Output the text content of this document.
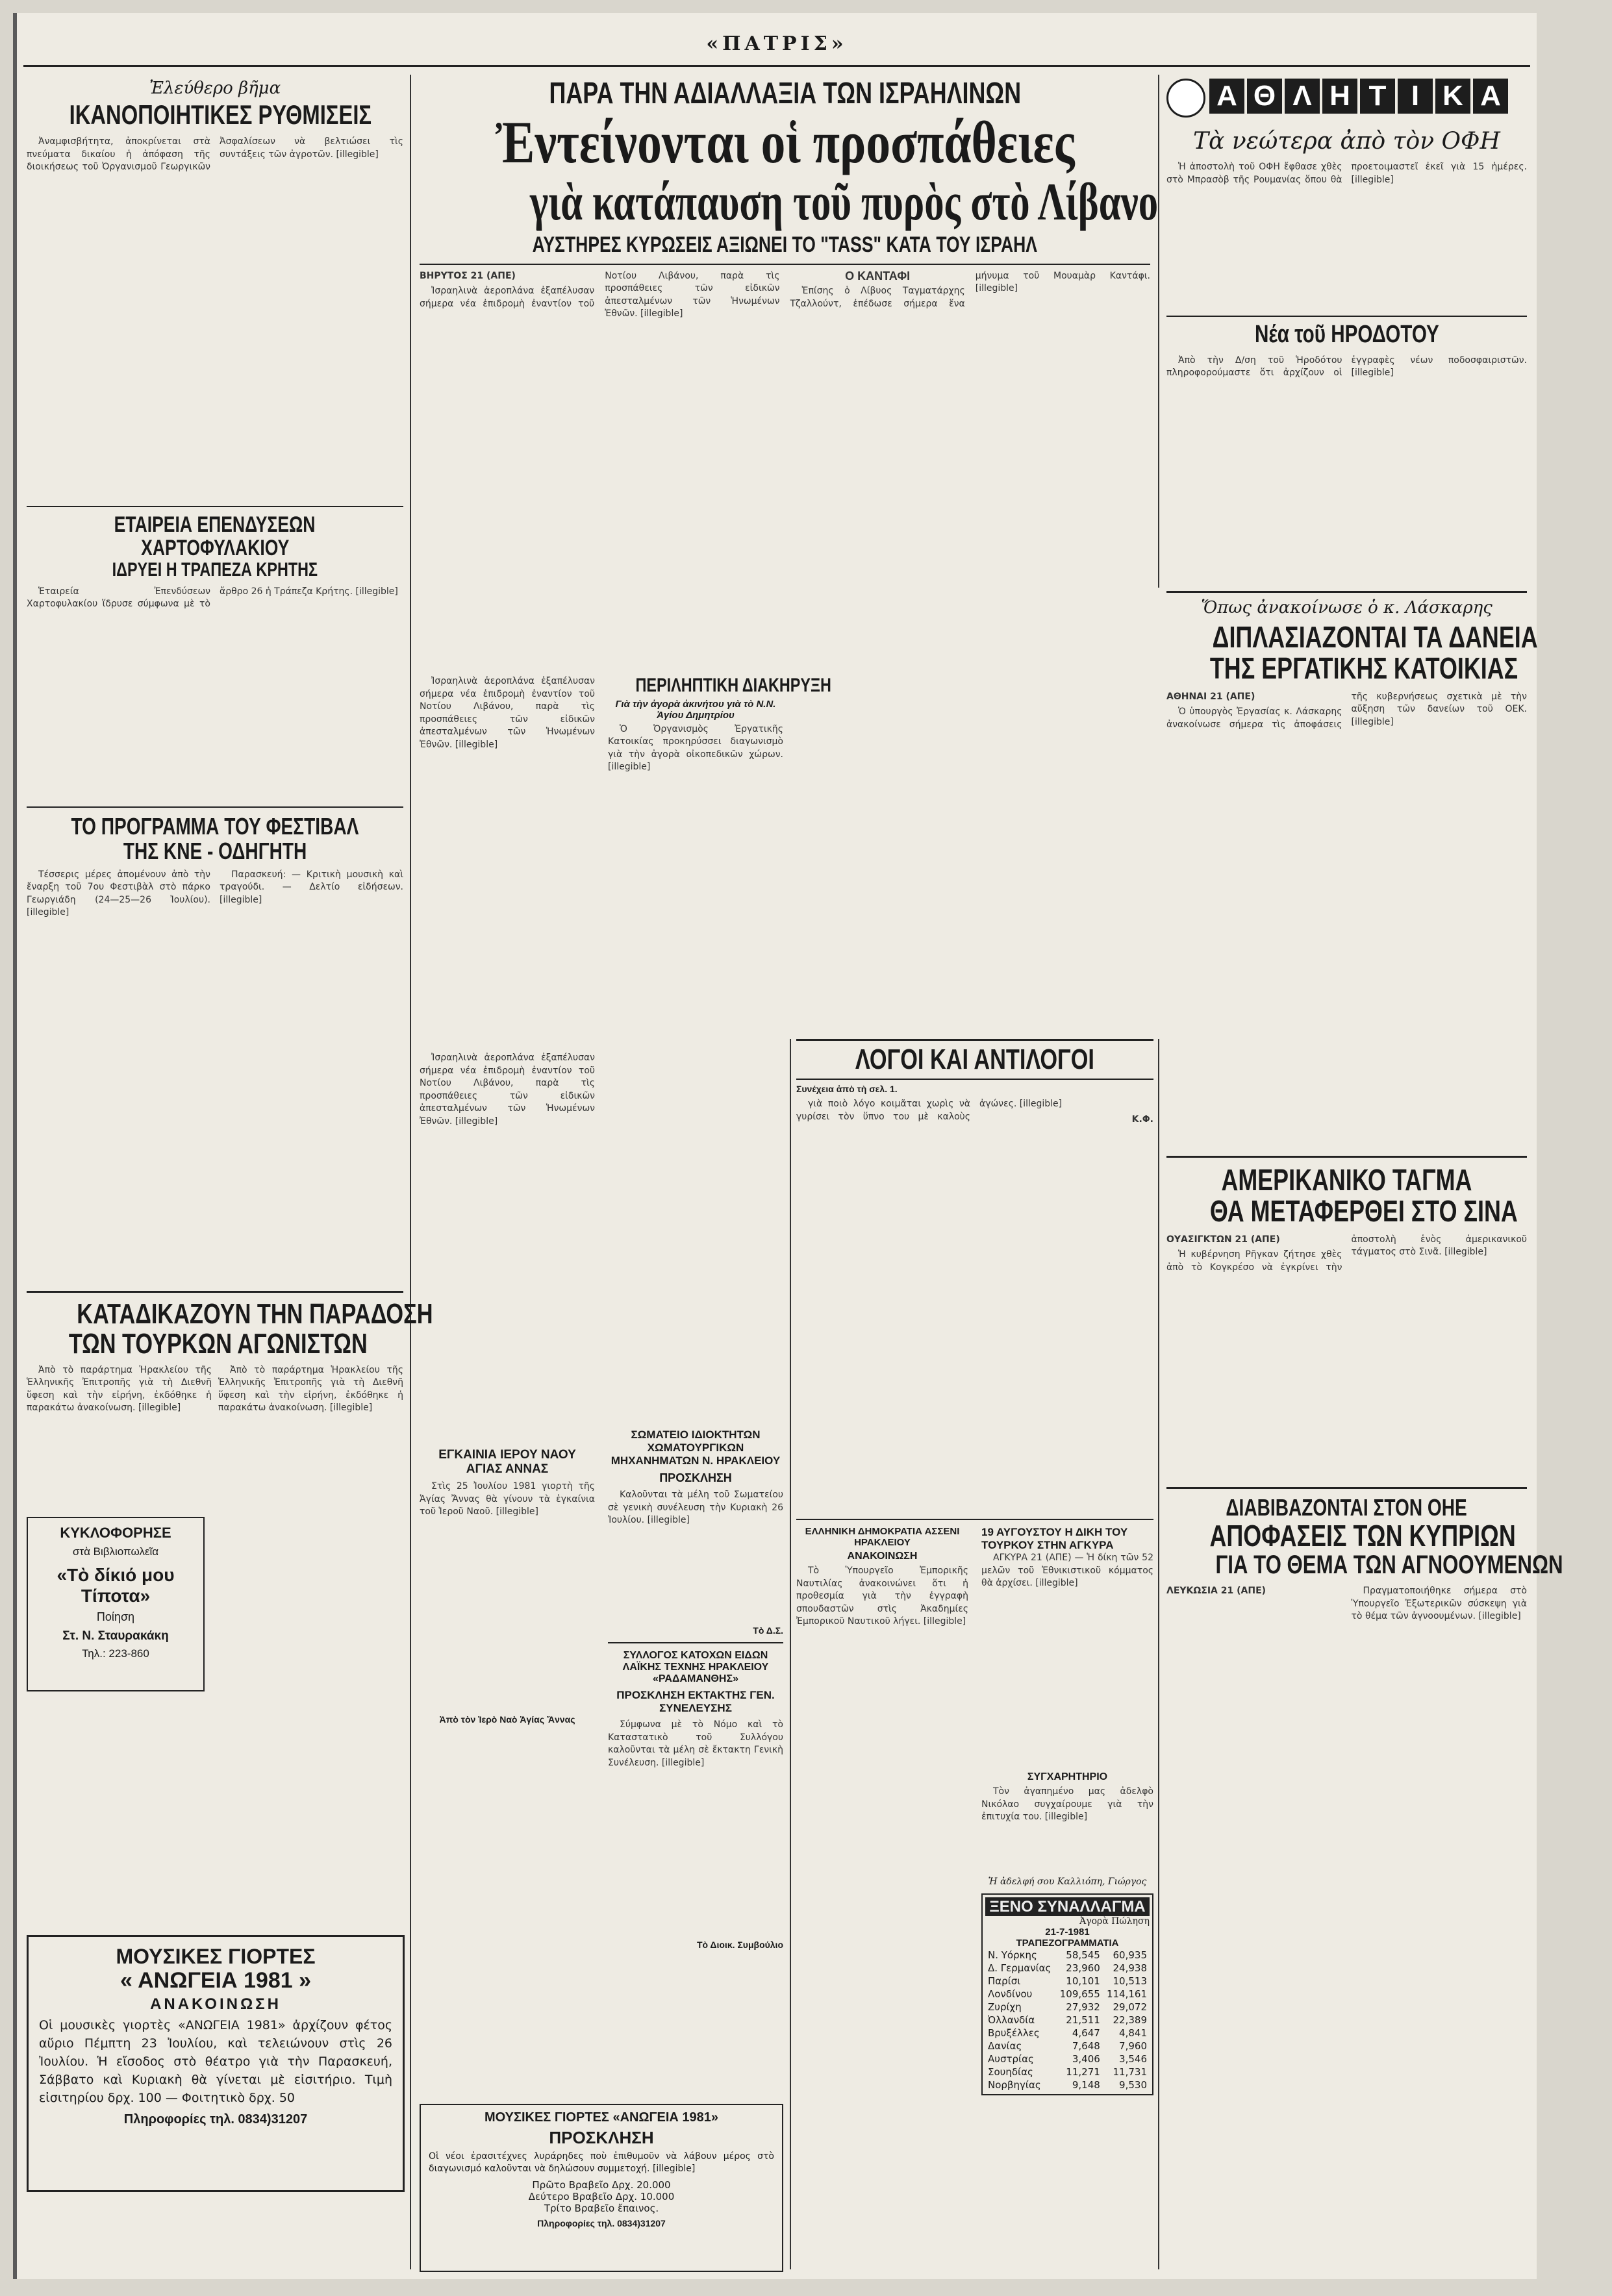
«ΠΑΤΡΙΣ»
Ἐλεύθερο βῆμα
ΙΚΑΝΟΠΟΙΗΤΙΚΕΣ ΡΥΘΜΙΣΕΙΣ

Ἀναμφισβήτητα, ἀποκρίνεται στὰ πνεύματα δικαίου ἡ ἀπόφαση τῆς διοικήσεως τοῦ Ὀργανισμοῦ Γεωργικῶν Ἀσφαλίσεων νὰ βελτιώσει τὶς συντάξεις τῶν ἀγροτῶν. [illegible]

ΕΤΑΙΡΕΙΑ ΕΠΕΝΔΥΣΕΩΝ
ΧΑΡΤΟΦΥΛΑΚΙΟΥ
ΙΔΡΥΕΙ Η ΤΡΑΠΕΖΑ ΚΡΗΤΗΣ

Ἑταιρεία Ἐπενδύσεων Χαρτοφυλακίου ἵδρυσε σύμφωνα μὲ τὸ ἄρθρο 26 ἡ Τράπεζα Κρήτης. [illegible]

ΤΟ ΠΡΟΓΡΑΜΜΑ ΤΟΥ ΦΕΣΤΙΒΑΛ
ΤΗΣ ΚΝΕ - ΟΔΗΓΗΤΗ

Τέσσερις μέρες ἀπομένουν ἀπὸ τὴν ἔναρξη τοῦ 7ου Φεστιβὰλ στὸ πάρκο Γεωργιάδη (24—25—26 Ἰουλίου). [illegible]

Παρασκευή: — Κριτικὴ μουσικὴ καὶ τραγούδι. — Δελτίο εἰδήσεων. [illegible]

ΚΑΤΑΔΙΚΑΖΟΥΝ ΤΗΝ ΠΑΡΑΔΟΣΗ
ΤΩΝ ΤΟΥΡΚΩΝ ΑΓΩΝΙΣΤΩΝ

Ἀπὸ τὸ παράρτημα Ἡρακλείου τῆς Ἑλληνικῆς Ἐπιτροπῆς γιὰ τὴ Διεθνῆ ὕφεση καὶ τὴν εἰρήνη, ἐκδόθηκε ἡ παρακάτω ἀνακοίνωση. [illegible]

ΚΥΚΛΟΦΟΡΗΣΕ
στὰ Βιβλιοπωλεῖα
«Τὸ δίκιό μου Τίποτα»
Ποίηση
Στ. Ν. Σταυρακάκη
Τηλ.: 223-860

Ἀπὸ τὸ παράρτημα Ἡρακλείου τῆς Ἑλληνικῆς Ἐπιτροπῆς γιὰ τὴ Διεθνῆ ὕφεση καὶ τὴν εἰρήνη, ἐκδόθηκε ἡ παρακάτω ἀνακοίνωση. [illegible]

ΜΟΥΣΙΚΕΣ ΓΙΟΡΤΕΣ
« ΑΝΩΓΕΙΑ 1981 »
ΑΝΑΚΟΙΝΩΣΗ
Οἱ μουσικὲς γιορτὲς «ΑΝΩΓΕΙΑ 1981» ἀρχίζουν φέτος αὔριο Πέμπτη 23 Ἰουλίου, καὶ τελειώνουν στὶς 26 Ἰουλίου. Ἡ εἴσοδος στὸ θέατρο γιὰ τὴν Παρασκευή, Σάββατο καὶ Κυριακὴ θὰ γίνεται μὲ εἰσιτήριο. Τιμὴ εἰσιτηρίου δρχ. 100 — Φοιτητικὸ δρχ. 50
Πληροφορίες τηλ. 0834)31207
ΠΑΡΑ ΤΗΝ ΑΔΙΑΛΛΑΞΙΑ ΤΩΝ ΙΣΡΑΗΛΙΝΩΝ
Ἐντείνονται οἱ προσπάθειες
γιὰ κατάπαυση τοῦ πυρὸς στὸ Λίβανο
ΑΥΣΤΗΡΕΣ ΚΥΡΩΣΕΙΣ ΑΞΙΩΝΕΙ ΤΟ "TASS" ΚΑΤΑ ΤΟΥ ΙΣΡΑΗΛ

ΒΗΡΥΤΟΣ 21 (ΑΠΕ)

Ἰσραηλινὰ ἀεροπλάνα ἐξαπέλυσαν σήμερα νέα ἐπιδρομὴ ἐναντίον τοῦ Νοτίου Λιβάνου, παρὰ τὶς προσπάθειες τῶν εἰδικῶν ἀπεσταλμένων τῶν Ἡνωμένων Ἐθνῶν. [illegible]

Ο ΚΑΝΤΑΦΙ

Ἐπίσης ὁ Λίβυος Ταγματάρχης Τζαλλούντ, ἐπέδωσε σήμερα ἕνα μήνυμα τοῦ Μουαμὰρ Καντάφι. [illegible]

Ἰσραηλινὰ ἀεροπλάνα ἐξαπέλυσαν σήμερα νέα ἐπιδρομὴ ἐναντίον τοῦ Νοτίου Λιβάνου, παρὰ τὶς προσπάθειες τῶν εἰδικῶν ἀπεσταλμένων τῶν Ἡνωμένων Ἐθνῶν. [illegible]

ΠΕΡΙΛΗΠΤΙΚΗ ΔΙΑΚΗΡΥΞΗ
Γιὰ τὴν ἀγορὰ ἀκινήτου γιὰ τὸ Ν.Ν. Ἀγίου Δημητρίου

Ὁ Ὀργανισμὸς Ἐργατικῆς Κατοικίας προκηρύσσει διαγωνισμὸ γιὰ τὴν ἀγορὰ οἰκοπεδικῶν χώρων. [illegible]

Ἰσραηλινὰ ἀεροπλάνα ἐξαπέλυσαν σήμερα νέα ἐπιδρομὴ ἐναντίον τοῦ Νοτίου Λιβάνου, παρὰ τὶς προσπάθειες τῶν εἰδικῶν ἀπεσταλμένων τῶν Ἡνωμένων Ἐθνῶν. [illegible]

ΕΓΚΑΙΝΙΑ ΙΕΡΟΥ ΝΑΟΥ ΑΓΙΑΣ ΑΝΝΑΣ

Στὶς 25 Ἰουλίου 1981 γιορτὴ τῆς Ἁγίας Ἄννας θὰ γίνουν τὰ ἐγκαίνια τοῦ Ἱεροῦ Ναοῦ. [illegible]

Ἀπὸ τὸν Ἱερὸ Ναὸ Ἁγίας Ἄννας
ΣΩΜΑΤΕΙΟ ΙΔΙΟΚΤΗΤΩΝ ΧΩΜΑΤΟΥΡΓΙΚΩΝ ΜΗΧΑΝΗΜΑΤΩΝ Ν. ΗΡΑΚΛΕΙΟΥ
ΠΡΟΣΚΛΗΣΗ

Καλοῦνται τὰ μέλη τοῦ Σωματείου σὲ γενικὴ συνέλευση τὴν Κυριακὴ 26 Ἰουλίου. [illegible]

Τὸ Δ.Σ.
ΣΥΛΛΟΓΟΣ ΚΑΤΟΧΩΝ ΕΙΔΩΝ ΛΑΪΚΗΣ ΤΕΧΝΗΣ ΗΡΑΚΛΕΙΟΥ «ΡΑΔΑΜΑΝΘΗΣ»
ΠΡΟΣΚΛΗΣΗ ΕΚΤΑΚΤΗΣ ΓΕΝ. ΣΥΝΕΛΕΥΣΗΣ

Σύμφωνα μὲ τὸ Νόμο καὶ τὸ Καταστατικὸ τοῦ Συλλόγου καλοῦνται τὰ μέλη σὲ ἔκτακτη Γενικὴ Συνέλευση. [illegible]

Τὸ Διοικ. Συμβούλιο
ΜΟΥΣΙΚΕΣ ΓΙΟΡΤΕΣ «ΑΝΩΓΕΙΑ 1981»
ΠΡΟΣΚΛΗΣΗ
Οἱ νέοι ἐρασιτέχνες λυράρηδες ποὺ ἐπιθυμοῦν νὰ λάβουν μέρος στὸ διαγωνισμό καλοῦνται νὰ δηλώσουν συμμετοχή. [illegible]
Πρῶτο Βραβεῖο Δρχ. 20.000
Δεύτερο Βραβεῖο Δρχ. 10.000
Τρίτο Βραβεῖο ἔπαινος.
Πληροφορίες τηλ. 0834)31207
ΛΟΓΟΙ ΚΑΙ ΑΝΤΙΛΟΓΟΙ
Συνέχεια ἀπὸ τὴ σελ. 1.

γιὰ ποιὸ λόγο κοιμᾶται χωρὶς νὰ γυρίσει τὸν ὕπνο του μὲ καλοὺς ἀγώνες. [illegible]

Κ.Φ.

ΕΛΛΗΝΙΚΗ ΔΗΜΟΚΡΑΤΙΑ ΑΣΣΕΝΙ ΗΡΑΚΛΕΙΟΥ
ΑΝΑΚΟΙΝΩΣΗ

Τὸ Ὑπουργεῖο Ἐμπορικῆς Ναυτιλίας ἀνακοινώνει ὅτι ἡ προθεσμία γιὰ τὴν ἐγγραφὴ σπουδαστῶν στὶς Ἀκαδημίες Ἐμπορικοῦ Ναυτικοῦ λήγει. [illegible]

19 ΑΥΓΟΥΣΤΟΥ Η ΔΙΚΗ ΤΟΥ ΤΟΥΡΚΟΥ ΣΤΗΝ ΑΓΚΥΡΑ

ΑΓΚΥΡΑ 21 (ΑΠΕ) — Ἡ δίκη τῶν 52 μελῶν τοῦ Ἐθνικιστικοῦ κόμματος θὰ ἀρχίσει. [illegible]

ΣΥΓΧΑΡΗΤΗΡΙΟ

Τὸν ἀγαπημένο μας ἀδελφὸ Νικόλαο συγχαίρουμε γιὰ τὴν ἐπιτυχία του. [illegible]

Ἡ ἀδελφή σου Καλλιόπη, Γιώργος
ΞΕΝΟ ΣΥΝΑΛΛΑΓΜΑ
Ἀγορὰ Πώληση
21-7-1981
ΤΡΑΠΕΖΟΓΡΑΜΜΑΤΙΑ
Ν. Υόρκης	58,545	60,935
Δ. Γερμανίας	23,960	24,938
Παρίσι	10,101	10,513
Λονδίνου	109,655	114,161
Ζυρίχη	27,932	29,072
Ὀλλανδία	21,511	22,389
Βρυξέλλες	4,647	4,841
Δανίας	7,648	7,960
Αυστρίας	3,406	3,546
Σουηδίας	11,271	11,731
Νορβηγίας	9,148	9,530
Α Θ Λ Η Τ Ι Κ Α
Τὰ νεώτερα ἀπὸ τὸν ΟΦΗ

Ἡ ἀποστολὴ τοῦ ΟΦΗ ἔφθασε χθὲς στὸ Μπρασὸβ τῆς Ρουμανίας ὅπου θὰ προετοιμαστεῖ ἐκεῖ γιὰ 15 ἡμέρες. [illegible]

Νέα τοῦ ΗΡΟΔΟΤΟΥ

Ἀπὸ τὴν Δ/ση τοῦ Ἡροδότου πληροφορούμαστε ὅτι ἀρχίζουν οἱ ἐγγραφὲς νέων ποδοσφαιριστῶν. [illegible]

Ὅπως ἀνακοίνωσε ὁ κ. Λάσκαρης
ΔΙΠΛΑΣΙΑΖΟΝΤΑΙ ΤΑ ΔΑΝΕΙΑ
ΤΗΣ ΕΡΓΑΤΙΚΗΣ ΚΑΤΟΙΚΙΑΣ

ΑΘΗΝΑΙ 21 (ΑΠΕ)

Ὁ ὑπουργὸς Ἐργασίας κ. Λάσκαρης ἀνακοίνωσε σήμερα τὶς ἀποφάσεις τῆς κυβερνήσεως σχετικὰ μὲ τὴν αὔξηση τῶν δανείων τοῦ ΟΕΚ. [illegible]

ΑΜΕΡΙΚΑΝΙΚΟ ΤΑΓΜΑ
ΘΑ ΜΕΤΑΦΕΡΘΕΙ ΣΤΟ ΣΙΝΑ

ΟΥΑΣΙΓΚΤΩΝ 21 (ΑΠΕ)

Ἡ κυβέρνηση Ρῆγκαν ζήτησε χθὲς ἀπὸ τὸ Κογκρέσο νὰ ἐγκρίνει τὴν ἀποστολὴ ἑνὸς ἀμερικανικοῦ τάγματος στὸ Σινᾶ. [illegible]

ΔΙΑΒΙΒΑΖΟΝΤΑΙ ΣΤΟΝ ΟΗΕ
ΑΠΟΦΑΣΕΙΣ ΤΩΝ ΚΥΠΡΙΩΝ
ΓΙΑ ΤΟ ΘΕΜΑ ΤΩΝ ΑΓΝΟΟΥΜΕΝΩΝ

ΛΕΥΚΩΣΙΑ 21 (ΑΠΕ)	Πραγματοποιήθηκε σήμερα στὸ Ὑπουργεῖο Ἐξωτερικῶν σύσκεψη γιὰ τὸ θέμα τῶν ἀγνοουμένων. [illegible]
